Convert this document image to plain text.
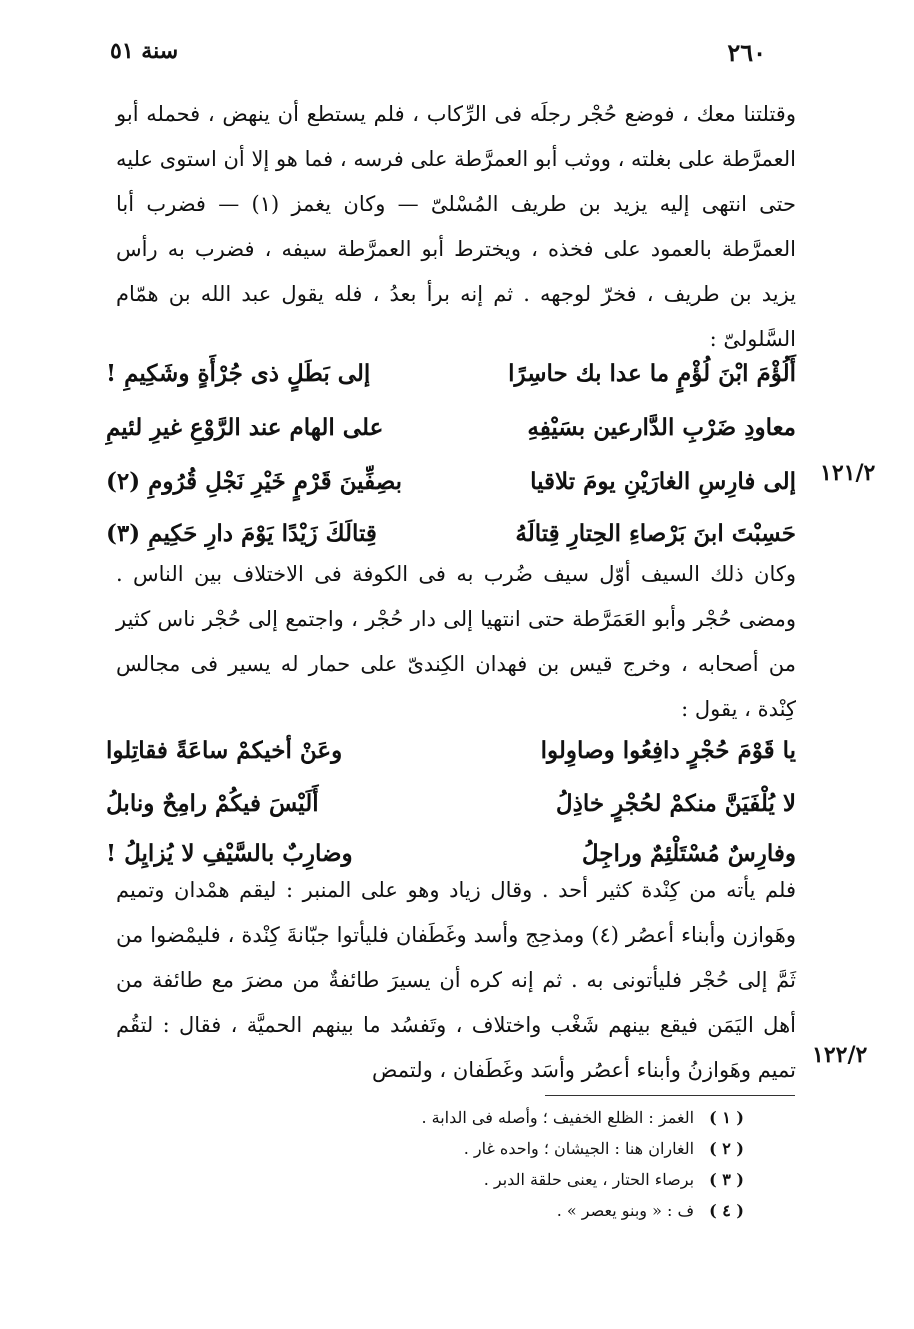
٢٦٠
سنة ٥١

وقتلتنا معك ، فوضع حُجْر رجلَه فى الرِّكاب ، فلم يستطع أن ينهض ، فحمله أبو العمرَّطة على بغلته ، ووثب أبو العمرَّطة على فرسه ، فما هو إلا أن استوى عليه حتى انتهى إليه يزيد بن طريف المُسْلىّ — وكان يغمز (١) — فضرب أبا العمرَّطة بالعمود على فخذه ، ويخترط أبو العمرَّطة سيفه ، فضرب به رأس يزيد بن طريف ، فخرّ لوجهه . ثم إنه برأ بعدُ ، فله يقول عبد الله بن همّام السَّلولىّ :

أَلُؤْمَ ابْنَ لُؤْمٍ ما عدا بك حاسِرًا
إلى بَطَلٍ ذى جُرْأَةٍ وشَكِيمِ !
معاودِ ضَرْبِ الدَّارعين بسَيْفِهِ
على الهام عند الرَّوْعِ غيرِ لئيمِ
إلى فارِسِ الغارَيْنِ يومَ تلاقيا
بصِفِّينَ قَرْمٍ خَيْرِ نَجْلِ قُرُومِ (٢)
حَسِبْتَ ابنَ بَرْصاءِ الحِتارِ قِتالَهُ
قِتالَكَ زَيْدًا يَوْمَ دارِ حَكِيمِ (٣)
١٢١/٢

وكان ذلك السيف أوّل سيف ضُرب به فى الكوفة فى الاختلاف بين الناس . ومضى حُجْر وأبو العَمَرَّطة حتى انتهيا إلى دار حُجْر ، واجتمع إلى حُجْر ناس كثير من أصحابه ، وخرج قيس بن فهدان الكِندىّ على حمار له يسير فى مجالس كِنْدة ، يقول :

يا قَوْمَ حُجْرٍ دافِعُوا وصاوِلوا
وعَنْ أخيكمْ ساعَةً فقاتِلوا
لا يُلْفَيَنَّ منكمْ لحُجْرٍ خاذِلُ
أَلَيْسَ فيكُمْ رامِحٌ ونابلُ
وفارِسٌ مُسْتَلْئِمٌ وراجِلُ
وضارِبٌ بالسَّيْفِ لا يُزايِلُ !

فلم يأته من كِنْدة كثير أحد . وقال زياد وهو على المنبر : ليقم همْدان وتميم وهَوازن وأبناء أعصُر (٤) ومذحِج وأسد وغَطَفان فليأتوا جبّانةَ كِنْدة ، فليمْضوا من ثَمَّ إلى حُجْر فليأتونى به . ثم إنه كره أن يسيرَ طائفةٌ من مضرَ مع طائفة من أهل اليَمَن فيقع بينهم شَغْب واختلاف ، وتَفسُد ما بينهم الحميَّة ، فقال : لتقُم تميم وهَوازنُ وأبناء أعصُر وأسَد وغَطَفان ، ولتمض

١٢٢/٢
( ١ ) الغمز : الظلع الخفيف ؛ وأصله فى الدابة .
( ٢ ) الغاران هنا : الجيشان ؛ واحده غار .
( ٣ ) برصاء الحتار ، يعنى حلقة الدبر .
( ٤ ) ف : « وبنو يعصر » .
